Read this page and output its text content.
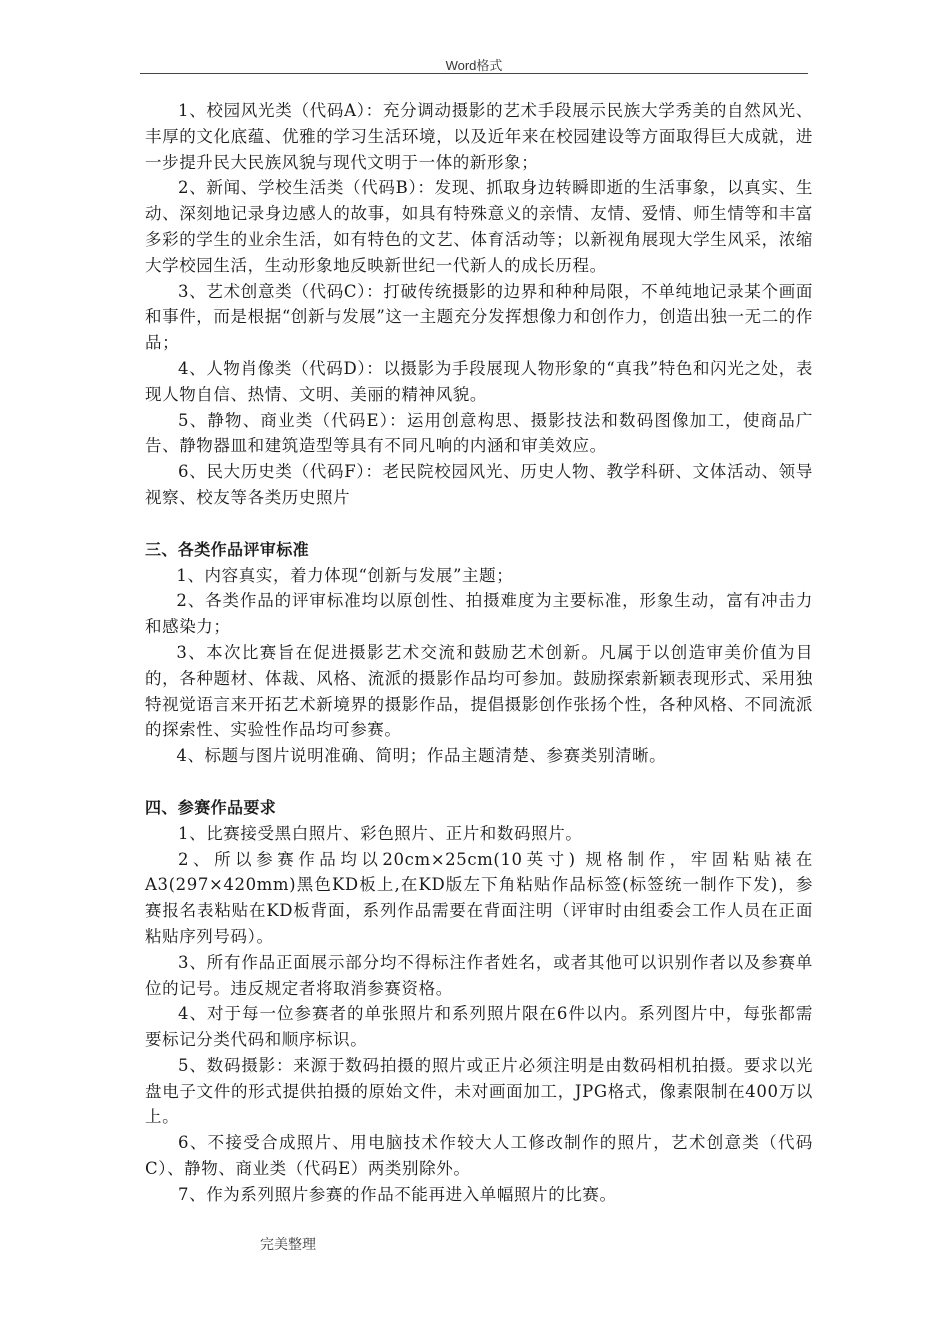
Word格式

1、校园风光类（代码A）：充分调动摄影的艺术手段展示民族大学秀美的自然风光、丰厚的文化底蕴、优雅的学习生活环境，以及近年来在校园建设等方面取得巨大成就，进一步提升民大民族风貌与现代文明于一体的新形象；

2、新闻、学校生活类（代码B）：发现、抓取身边转瞬即逝的生活事象，以真实、生动、深刻地记录身边感人的故事，如具有特殊意义的亲情、友情、爱情、师生情等和丰富多彩的学生的业余生活，如有特色的文艺、体育活动等；以新视角展现大学生风采，浓缩大学校园生活，生动形象地反映新世纪一代新人的成长历程。

3、艺术创意类（代码C）：打破传统摄影的边界和种种局限，不单纯地记录某个画面和事件，而是根据“创新与发展”这一主题充分发挥想像力和创作力，创造出独一无二的作品；

4、人物肖像类（代码D）：以摄影为手段展现人物形象的“真我”特色和闪光之处，表现人物自信、热情、文明、美丽的精神风貌。

5、静物、商业类（代码E）：运用创意构思、摄影技法和数码图像加工，使商品广告、静物器皿和建筑造型等具有不同凡响的内涵和审美效应。

6、民大历史类（代码F）：老民院校园风光、历史人物、教学科研、文体活动、领导视察、校友等各类历史照片

三、各类作品评审标准

1、内容真实，着力体现“创新与发展”主题；

2、各类作品的评审标准均以原创性、拍摄难度为主要标准，形象生动，富有冲击力和感染力；

3、本次比赛旨在促进摄影艺术交流和鼓励艺术创新。凡属于以创造审美价值为目的，各种题材、体裁、风格、流派的摄影作品均可参加。鼓励探索新颖表现形式、采用独特视觉语言来开拓艺术新境界的摄影作品，提倡摄影创作张扬个性，各种风格、不同流派的探索性、实验性作品均可参赛。

4、标题与图片说明准确、简明；作品主题清楚、参赛类别清晰。

四、参赛作品要求

1、比赛接受黑白照片、彩色照片、正片和数码照片。

2、所以参赛作品均以20cm×25cm(10英寸) 规格制作，牢固粘贴裱在A3(297×420mm)黑色KD板上,在KD版左下角粘贴作品标签(标签统一制作下发)，参赛报名表粘贴在KD板背面，系列作品需要在背面注明（评审时由组委会工作人员在正面粘贴序列号码）。

3、所有作品正面展示部分均不得标注作者姓名，或者其他可以识别作者以及参赛单位的记号。违反规定者将取消参赛资格。

4、对于每一位参赛者的单张照片和系列照片限在6件以内。系列图片中，每张都需要标记分类代码和顺序标识。

5、数码摄影：来源于数码拍摄的照片或正片必须注明是由数码相机拍摄。要求以光盘电子文件的形式提供拍摄的原始文件，未对画面加工，JPG格式，像素限制在400万以上。

6、不接受合成照片、用电脑技术作较大人工修改制作的照片，艺术创意类（代码C）、静物、商业类（代码E）两类别除外。

7、作为系列照片参赛的作品不能再进入单幅照片的比赛。

完美整理
